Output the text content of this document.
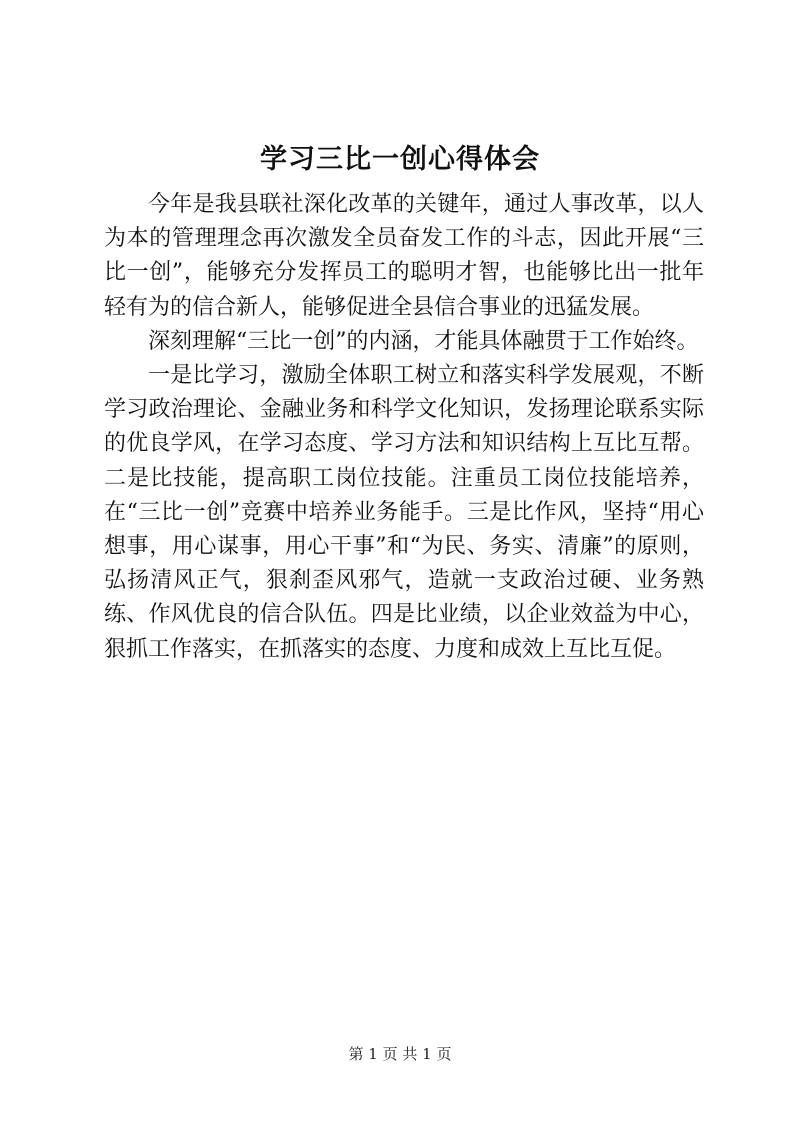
学习三比一创心得体会

今年是我县联社深化改革的关键年，通过人事改革，以人为本的管理理念再次激发全员奋发工作的斗志，因此开展“三比一创”，能够充分发挥员工的聪明才智，也能够比出一批年轻有为的信合新人，能够促进全县信合事业的迅猛发展。

深刻理解“三比一创”的内涵，才能具体融贯于工作始终。

一是比学习，激励全体职工树立和落实科学发展观，不断学习政治理论、金融业务和科学文化知识，发扬理论联系实际的优良学风，在学习态度、学习方法和知识结构上互比互帮。二是比技能，提高职工岗位技能。注重员工岗位技能培养，在“三比一创”竞赛中培养业务能手。三是比作风，坚持“用心想事，用心谋事，用心干事”和“为民、务实、清廉”的原则，弘扬清风正气，狠刹歪风邪气，造就一支政治过硬、业务熟练、作风优良的信合队伍。四是比业绩，以企业效益为中心，狠抓工作落实，在抓落实的态度、力度和成效上互比互促。

第 1 页 共 1 页
